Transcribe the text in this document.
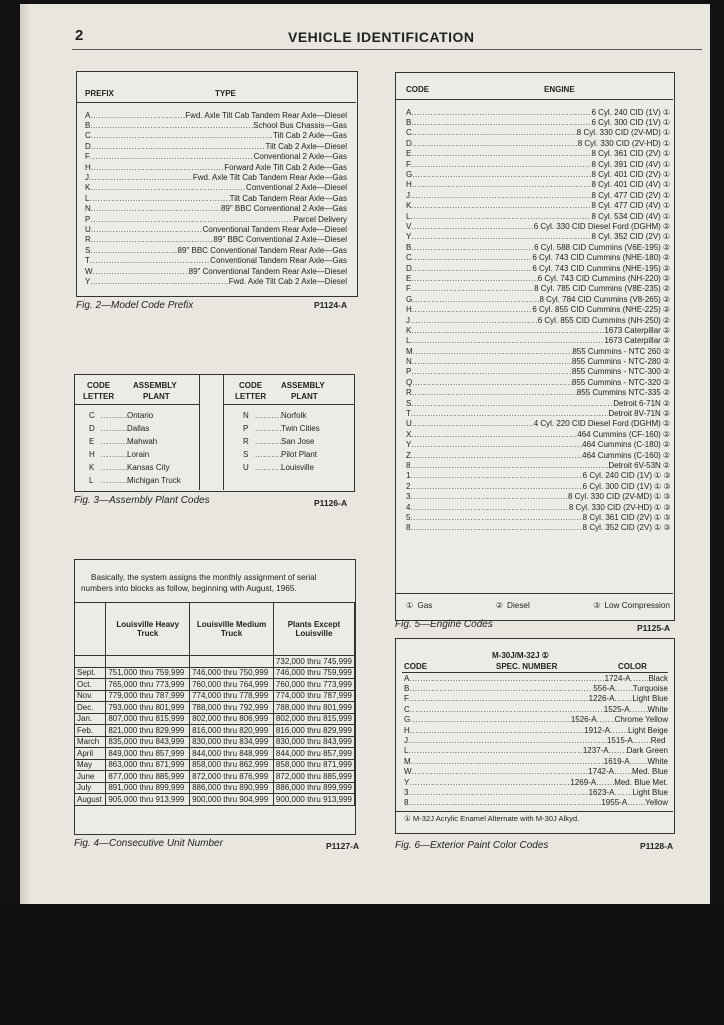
2	VEHICLE IDENTIFICATION
PREFIX	TYPE
A .....	Fwd. Axle Tilt Cab Tandem Rear Axle—Diesel
B .....	School Bus Chassis—Gas
C .....	Tilt Cab 2 Axle—Gas
D .....	Tilt Cab 2 Axle—Diesel
F .....	Conventional 2 Axle—Gas
H .....	Forward Axle Tilt Cab 2 Axle—Gas
J .....	Fwd. Axle Tilt Cab Tandem Rear Axle—Gas
K .....	Conventional 2 Axle—Diesel
L .....	Tilt Cab Tandem Rear Axle—Gas
N .....	89" BBC Conventional 2 Axle—Gas
P .....	Parcel Delivery
U .....	Conventional Tandem Rear Axle—Diesel
R .....	89" BBC Conventional 2 Axle—Diesel
S .....	89" BBC Conventional Tandem Rear Axle—Gas
T .....	Conventional Tandem Rear Axle—Gas
W .....	89" Conventional Tandem Rear Axle—Diesel
Y .....	Fwd. Axle Tilt Cab 2 Axle—Diesel
Fig. 2—Model Code Prefix	P1124-A
CODE
LETTER
ASSEMBLY
PLANT
CODE
LETTER
ASSEMBLY
PLANT
C .....	Ontario
D .....	Dallas
E .....	Mahwah
H .....	Lorain
K .....	Kansas City
L .....	Michigan Truck
N .....	Norfolk
P .....	Twin Cities
R .....	San Jose
S .....	Pilot Plant
U .....	Louisville
Fig. 3—Assembly Plant Codes	P1126-A
Basically, the system assigns the monthly assignment of serial numbers into blocks as follow, beginning with August, 1965.
	Louisville Heavy Truck	Louisville Medium Truck	Plants Except Louisville
			732,000 thru 745,999
Sept.	751,000 thru 759,999	746,000 thru 750,999	746,000 thru 759,999
Oct.	765,000 thru 773,999	760,000 thru 764,999	760,000 thru 773,999
Nov.	779,000 thru 787,999	774,000 thru 778,999	774,000 thru 787,999
Dec.	793,000 thru 801,999	788,000 thru 792,999	788,000 thru 801,999
Jan.	807,000 thru 815,999	802,000 thru 806,999	802,000 thru 815,999
Feb.	821,000 thru 829,999	816,000 thru 820,999	816,000 thru 829,999
March	835,000 thru 843,999	830,000 thru 834,999	830,000 thru 843,999
April	849,000 thru 857,999	844,000 thru 848,999	844,000 thru 857,999
May	863,000 thru 871,999	858,000 thru 862,999	858,000 thru 871,999
June	877,000 thru 885,999	872,000 thru 876,999	872,000 thru 885,999
July	891,000 thru 899,999	886,000 thru 890,999	886,000 thru 899,999
August	905,000 thru 913,999	900,000 thru 904,999	900,000 thru 913,999
Fig. 4—Consecutive Unit Number	P1127-A
CODE	ENGINE
A .....	6 Cyl. 240 CID (1V) ①
B .....	6 Cyl. 300 CID (1V) ①
C .....	8 Cyl. 330 CID (2V-MD) ①
D .....	8 Cyl. 330 CID (2V-HD) ①
E .....	8 Cyl. 361 CID (2V) ①
F .....	8 Cyl. 391 CID (4V) ①
G .....	8 Cyl. 401 CID (2V) ①
H .....	8 Cyl. 401 CID (4V) ①
J .....	8 Cyl. 477 CID (2V) ①
K .....	8 Cyl. 477 CID (4V) ①
L .....	8 Cyl. 534 CID (4V) ①
V .....	6 Cyl. 330 CID Diesel Ford (DGHM) ②
Y .....	8 Cyl. 352 CID (2V) ①
B .....	6 Cyl. 588 CID Cummins (V6E-195) ②
C .....	6 Cyl. 743 CID Cummins (NHE-180) ②
D .....	6 Cyl. 743 CID Cummins (NHE-195) ②
E .....	6 Cyl. 743 CID Cummins (NH-220) ②
F .....	8 Cyl. 785 CID Cummins (V8E-235) ②
G .....	8 Cyl. 784 CID Cummins (V8-265) ②
H .....	6 Cyl. 855 CID Cummins (NHE-225) ②
J .....	6 Cyl. 855 CID Cummins (NH-250) ②
K .....	1673 Caterpillar ②
L .....	1673 Caterpillar ②
M .....	855 Cummins - NTC 260 ②
N .....	855 Cummins - NTC-280 ②
P .....	855 Cummins - NTC-300 ②
Q .....	855 Cummins - NTC-320 ②
R .....	855 Cummins NTC-335 ②
S .....	Detroit 6-71N ②
T .....	Detroit 8V-71N ②
U .....	4 Cyl. 220 CID Diesel Ford (DGHM) ②
X .....	464 Cummins (CF-160) ②
Y .....	464 Cummins (C-180) ②
Z .....	464 Cummins (C-160) ②
8 .....	Detroit 6V-53N ②
1 .....	6 Cyl. 240 CID (1V) ① ③
2 .....	6 Cyl. 300 CID (1V) ① ③
3 .....	8 Cyl. 330 CID (2V-MD) ① ③
4 .....	8 Cyl. 330 CID (2V-HD) ① ③
5 .....	8 Cyl. 361 CID (2V) ① ③
8 .....	8 Cyl. 352 CID (2V) ① ③
① Gas	② Diesel	③ Low Compression
Fig. 5—Engine Codes	P1125-A
M-30J/M-32J ①
CODE	SPEC. NUMBER	COLOR
A .....	1724-A ..... Black
B .....	556-A ..... Turquoise
F .....	1226-A ..... Light Blue
C .....	1525-A ..... White
G .....	1526-A ..... Chrome Yellow
H .....	1912-A ..... Light Beige
J .....	1515-A ..... Red
L .....	1237-A ..... Dark Green
M .....	1619-A ..... White
W .....	1742-A ..... Med. Blue
Y .....	1269-A ..... Med. Blue Met.
3 .....	1623-A ..... Light Blue
8 .....	1955-A ..... Yellow
① M-32J Acrylic Enamel Alternate with M-30J Alkyd.
Fig. 6—Exterior Paint Color Codes	P1128-A
